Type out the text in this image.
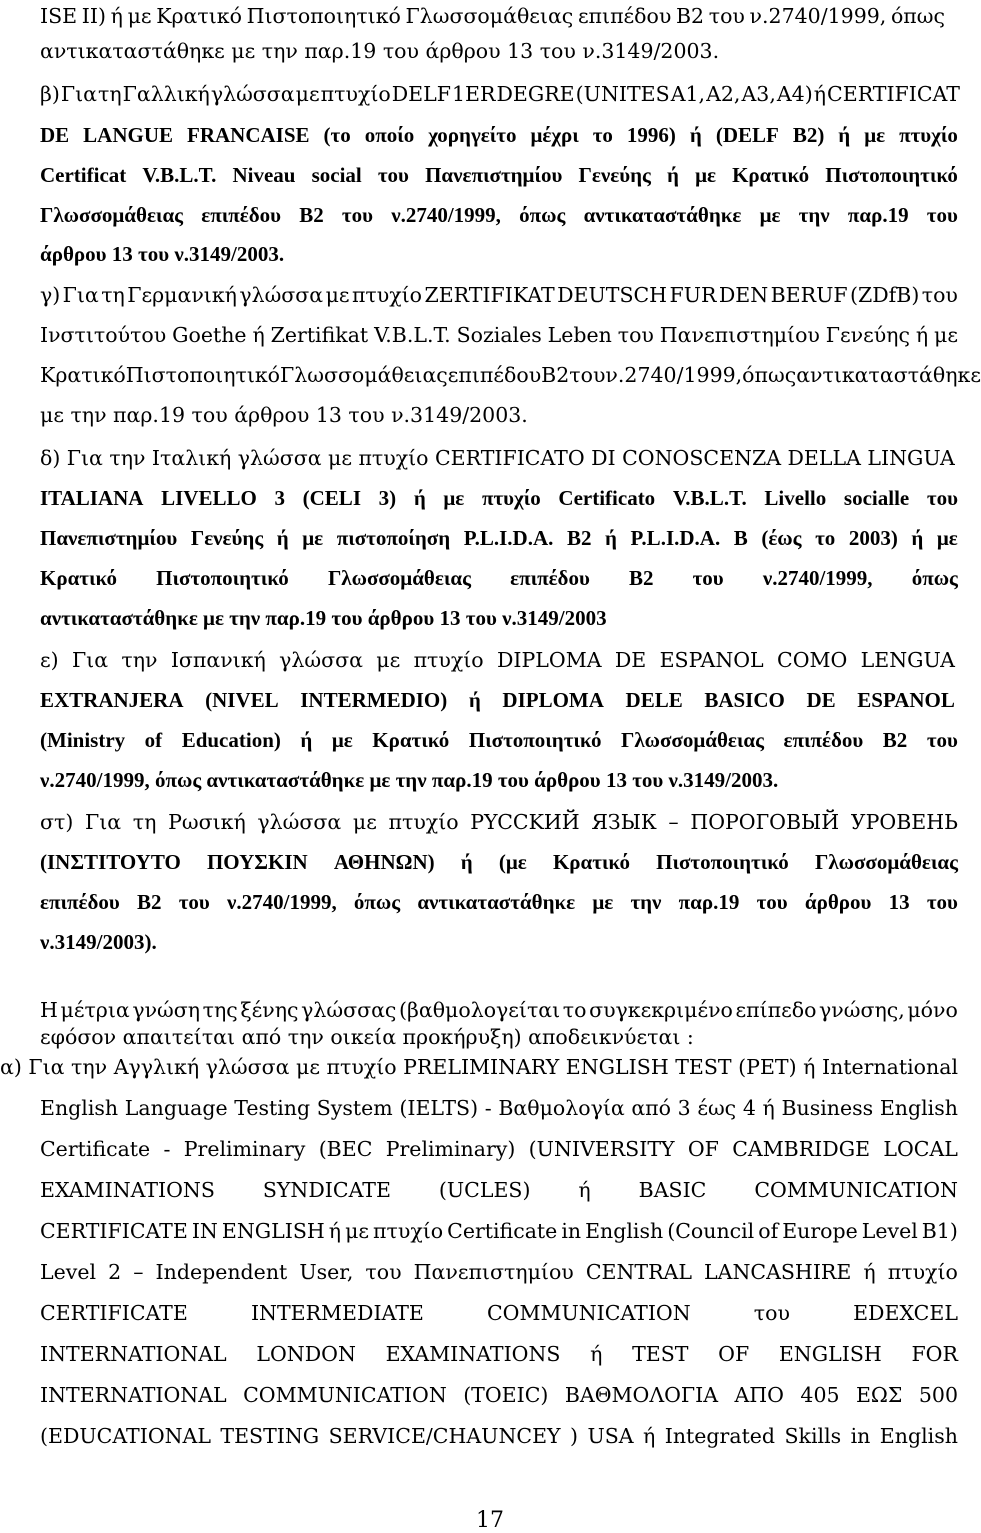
ISE II) ή με Κρατικό Πιστοποιητικό Γλωσσομάθειας επιπέδου Β2 του ν.2740/1999, όπως
αντικαταστάθηκε με την παρ.19 του άρθρου 13 του ν.3149/2003.
β) Για τη Γαλλική γλώσσα με πτυχίο DELF 1ER DEGRE (UNITES A1, A2, A3, A4) ή CERTIFICAT
DE LANGUE FRANCAISE (το οποίο χορηγείτο μέχρι το 1996) ή (DELF B2) ή με πτυχίο
Certificat V.B.L.T. Niveau social του Πανεπιστημίου Γενεύης ή με Κρατικό Πιστοποιητικό
Γλωσσομάθειας επιπέδου Β2 του ν.2740/1999, όπως αντικαταστάθηκε με την παρ.19 του
άρθρου 13 του ν.3149/2003.
γ) Για τη Γερμανική γλώσσα με πτυχίο ZERTIFIKAT DEUTSCH FUR DEN BERUF (ZDfB) του
Ινστιτούτου Goethe ή Zertifikat V.B.L.T. Soziales Leben του Πανεπιστημίου Γενεύης ή με
Κρατικό Πιστοποιητικό Γλωσσομάθειας επιπέδου Β2 του ν.2740/1999, όπως αντικαταστάθηκε
με την παρ.19 του άρθρου 13 του ν.3149/2003.
δ) Για την Ιταλική γλώσσα με πτυχίο CERTIFICATO DI CONOSCENZA DELLA LINGUA
ITALIANA LIVELLO 3 (CELI 3) ή με πτυχίο Certificato V.B.L.T. Livello socialle του
Πανεπιστημίου Γενεύης ή με πιστοποίηση P.L.I.D.A. B2 ή P.L.I.D.A. B (έως το 2003) ή με
Κρατικό Πιστοποιητικό Γλωσσομάθειας επιπέδου Β2 του ν.2740/1999, όπως
αντικαταστάθηκε με την παρ.19 του άρθρου 13 του ν.3149/2003
ε) Για την Ισπανική γλώσσα με πτυχίο DIPLOMA DE ESPANOL COMO LENGUA
EXTRANJERA (NIVEL INTERMEDIO) ή DIPLOMA DELE BASICO DE ESPANOL
(Ministry of Education) ή με Κρατικό Πιστοποιητικό Γλωσσομάθειας επιπέδου Β2 του
ν.2740/1999, όπως αντικαταστάθηκε με την παρ.19 του άρθρου 13 του ν.3149/2003.
στ) Για τη Ρωσική γλώσσα με πτυχίο PYCCKИЙ ЯЗЫК – ПОРОГОВЫЙ УРОВЕНЬ
(ΙΝΣΤΙΤΟΥΤΟ ΠΟΥΣΚΙΝ ΑΘΗΝΩΝ) ή (με Κρατικό Πιστοποιητικό Γλωσσομάθειας
επιπέδου Β2 του ν.2740/1999, όπως αντικαταστάθηκε με την παρ.19 του άρθρου 13 του
ν.3149/2003).
Η μέτρια γνώση της ξένης γλώσσας (βαθμολογείται το συγκεκριμένο επίπεδο γνώσης, μόνο
εφόσον απαιτείται από την οικεία προκήρυξη) αποδεικνύεται :
α) Για την Αγγλική γλώσσα με πτυχίο PRELIMINARY ENGLISH TEST (PET) ή International
English Language Testing System (IELTS) - Βαθμολογία από 3 έως 4 ή Business English
Certificate - Preliminary (BEC Preliminary) (UNIVERSITY OF CAMBRIDGE LOCAL
EXAMINATIONS SYNDICATE (UCLES) ή BASIC COMMUNICATION
CERTIFICATE IN ENGLISH ή με πτυχίο Certificate in English (Council of Europe Level B1)
Level 2 – Independent User, του Πανεπιστημίου CENTRAL LANCASHIRE ή πτυχίο
CERTIFICATE	INTERMEDIATE	COMMUNICATION	του	EDEXCEL
INTERNATIONAL LONDON EXAMINATIONS ή TEST OF ENGLISH FOR
INTERNATIONAL COMMUNICATION (TOEIC) ΒΑΘΜΟΛΟΓΙΑ ΑΠΟ 405 ΕΩΣ 500
(EDUCATIONAL TESTING SERVICE/CHAUNCEY ) USA ή Integrated Skills in English
17
